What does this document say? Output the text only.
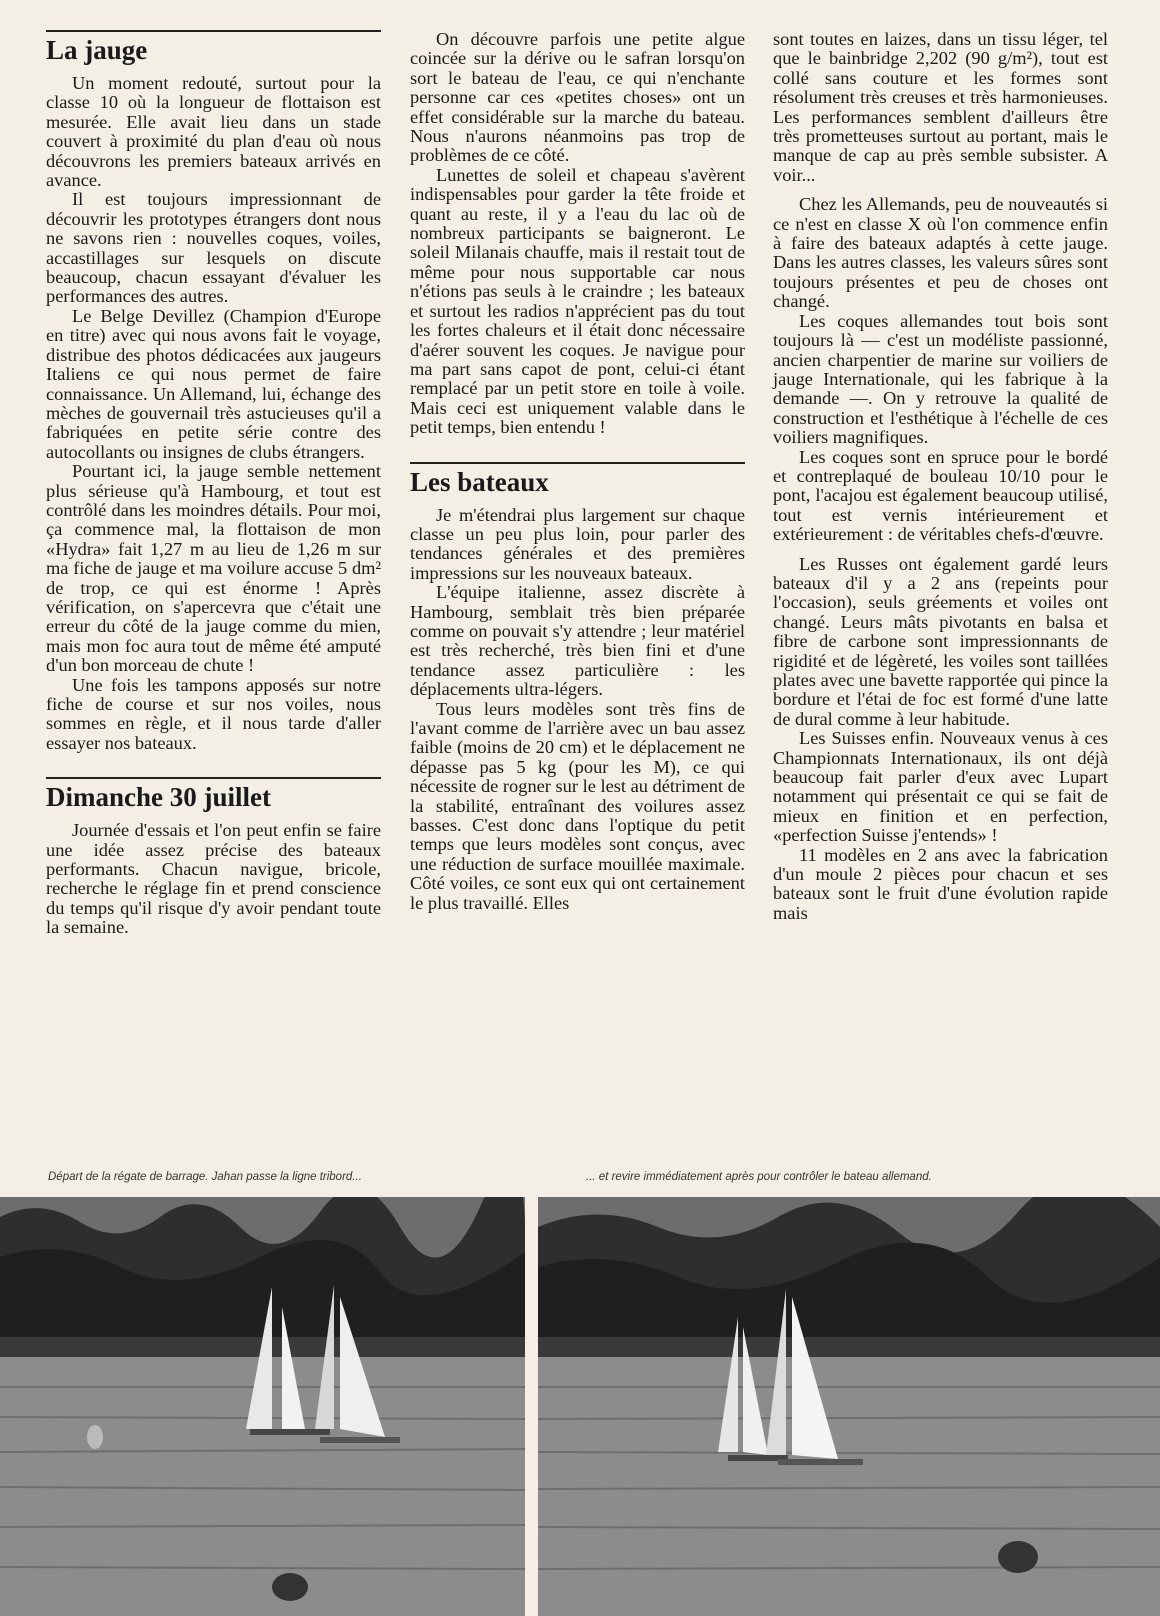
La jauge

Un moment redouté, surtout pour la classe 10 où la longueur de flottaison est mesurée. Elle avait lieu dans un stade couvert à proximité du plan d'eau où nous découvrons les premiers bateaux arrivés en avance.

Il est toujours impressionnant de découvrir les prototypes étrangers dont nous ne savons rien : nouvelles coques, voiles, accastillages sur lesquels on discute beaucoup, chacun essayant d'évaluer les performances des autres.

Le Belge Devillez (Champion d'Europe en titre) avec qui nous avons fait le voyage, distribue des photos dédicacées aux jaugeurs Italiens ce qui nous permet de faire connaissance. Un Allemand, lui, échange des mèches de gouvernail très astucieuses qu'il a fabriquées en petite série contre des autocollants ou insignes de clubs étrangers.

Pourtant ici, la jauge semble nettement plus sérieuse qu'à Hambourg, et tout est contrôlé dans les moindres détails. Pour moi, ça commence mal, la flottaison de mon «Hydra» fait 1,27 m au lieu de 1,26 m sur ma fiche de jauge et ma voilure accuse 5 dm² de trop, ce qui est énorme ! Après vérification, on s'apercevra que c'était une erreur du côté de la jauge comme du mien, mais mon foc aura tout de même été amputé d'un bon morceau de chute !

Une fois les tampons apposés sur notre fiche de course et sur nos voiles, nous sommes en règle, et il nous tarde d'aller essayer nos bateaux.

Dimanche 30 juillet

Journée d'essais et l'on peut enfin se faire une idée assez précise des bateaux performants. Chacun navigue, bricole, recherche le réglage fin et prend conscience du temps qu'il risque d'y avoir pendant toute la semaine.

On découvre parfois une petite algue coincée sur la dérive ou le safran lorsqu'on sort le bateau de l'eau, ce qui n'enchante personne car ces «petites choses» ont un effet considérable sur la marche du bateau. Nous n'aurons néanmoins pas trop de problèmes de ce côté.

Lunettes de soleil et chapeau s'avèrent indispensables pour garder la tête froide et quant au reste, il y a l'eau du lac où de nombreux participants se baigneront. Le soleil Milanais chauffe, mais il restait tout de même pour nous supportable car nous n'étions pas seuls à le craindre ; les bateaux et surtout les radios n'apprécient pas du tout les fortes chaleurs et il était donc nécessaire d'aérer souvent les coques. Je navigue pour ma part sans capot de pont, celui-ci étant remplacé par un petit store en toile à voile. Mais ceci est uniquement valable dans le petit temps, bien entendu !

Les bateaux

Je m'étendrai plus largement sur chaque classe un peu plus loin, pour parler des tendances générales et des premières impressions sur les nouveaux bateaux.

L'équipe italienne, assez discrète à Hambourg, semblait très bien préparée comme on pouvait s'y attendre ; leur matériel est très recherché, très bien fini et d'une tendance assez particulière : les déplacements ultra-légers.

Tous leurs modèles sont très fins de l'avant comme de l'arrière avec un bau assez faible (moins de 20 cm) et le déplacement ne dépasse pas 5 kg (pour les M), ce qui nécessite de rogner sur le lest au détriment de la stabilité, entraînant des voilures assez basses. C'est donc dans l'optique du petit temps que leurs modèles sont conçus, avec une réduction de surface mouillée maximale. Côté voiles, ce sont eux qui ont certainement le plus travaillé. Elles

sont toutes en laizes, dans un tissu léger, tel que le bainbridge 2,202 (90 g/m²), tout est collé sans couture et les formes sont résolument très creuses et très harmonieuses. Les performances semblent d'ailleurs être très prometteuses surtout au portant, mais le manque de cap au près semble subsister. A voir...

Chez les Allemands, peu de nouveautés si ce n'est en classe X où l'on commence enfin à faire des bateaux adaptés à cette jauge. Dans les autres classes, les valeurs sûres sont toujours présentes et peu de choses ont changé.

Les coques allemandes tout bois sont toujours là — c'est un modéliste passionné, ancien charpentier de marine sur voiliers de jauge Internationale, qui les fabrique à la demande —. On y retrouve la qualité de construction et l'esthétique à l'échelle de ces voiliers magnifiques.

Les coques sont en spruce pour le bordé et contreplaqué de bouleau 10/10 pour le pont, l'acajou est également beaucoup utilisé, tout est vernis intérieurement et extérieurement : de véritables chefs-d'œuvre.

Les Russes ont également gardé leurs bateaux d'il y a 2 ans (repeints pour l'occasion), seuls gréements et voiles ont changé. Leurs mâts pivotants en balsa et fibre de carbone sont impressionnants de rigidité et de légèreté, les voiles sont taillées plates avec une bavette rapportée qui pince la bordure et l'étai de foc est formé d'une latte de dural comme à leur habitude.

Les Suisses enfin. Nouveaux venus à ces Championnats Internationaux, ils ont déjà beaucoup fait parler d'eux avec Lupart notamment qui présentait ce qui se fait de mieux en finition et en perfection, «perfection Suisse j'entends» !

11 modèles en 2 ans avec la fabrication d'un moule 2 pièces pour chacun et ses bateaux sont le fruit d'une évolution rapide mais

Départ de la régate de barrage. Jahan passe la ligne tribord...	... et revire immédiatement après pour contrôler le bateau allemand.
